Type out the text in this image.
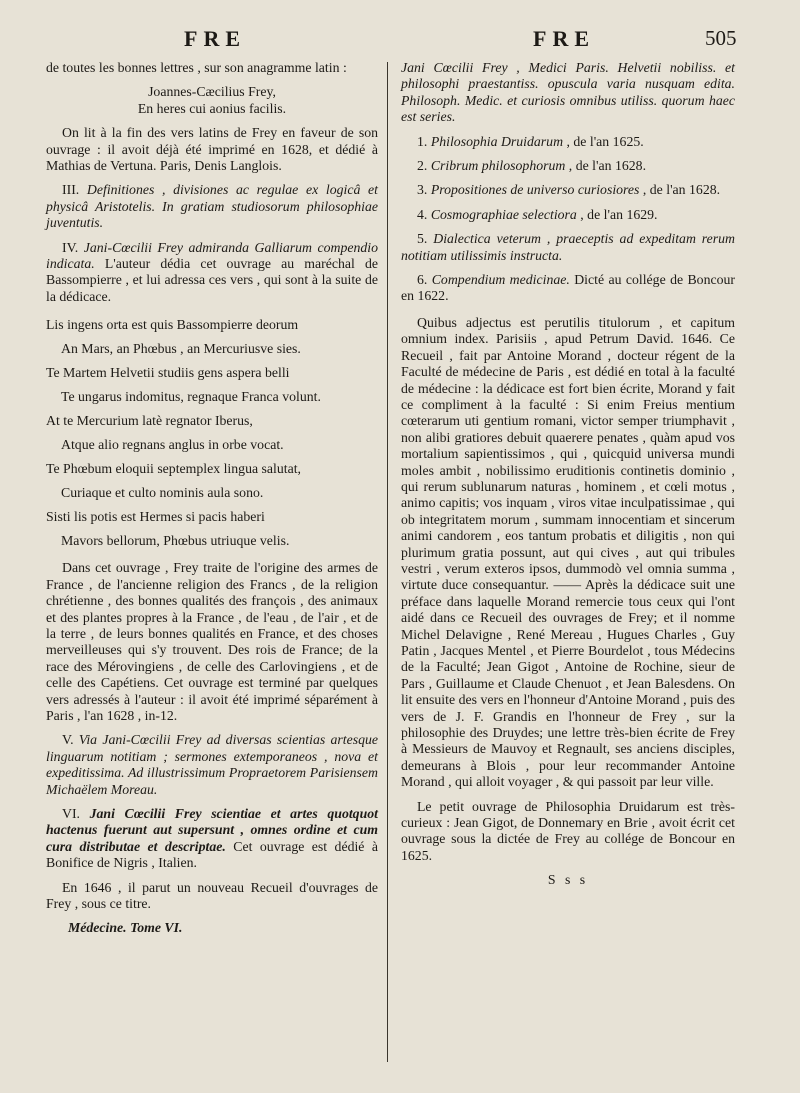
FRE	FRE	505

de toutes les bonnes lettres , sur son anagramme latin :

Joannes-Cæcilius Frey,

En heres cui aonius facilis.

On lit à la fin des vers latins de Frey en faveur de son ouvrage : il avoit déjà été imprimé en 1628, et dédié à Mathias de Vertuna. Paris, Denis Langlois.

III. Definitiones , divisiones ac regulae ex logicâ et physicâ Aristotelis. In gratiam studiosorum philosophiae juventutis.

IV. Jani-Cœcilii Frey admiranda Galliarum compendio indicata. L'auteur dédia cet ouvrage au maréchal de Bassompierre , et lui adressa ces vers , qui sont à la suite de la dédicace.

Lis ingens orta est quis Bassompierre deorum
An Mars, an Phœbus , an Mercuriusve sies.
Te Martem Helvetii studiis gens aspera belli
Te ungarus indomitus, regnaque Franca volunt.
At te Mercurium latè regnator Iberus,
Atque alio regnans anglus in orbe vocat.
Te Phœbum eloquii septemplex lingua salutat,
Curiaque et culto nominis aula sono.
Sisti lis potis est Hermes si pacis haberi
Mavors bellorum, Phœbus utriuque velis.

Dans cet ouvrage , Frey traite de l'origine des armes de France , de l'ancienne religion des Francs , de la religion chrétienne , des bonnes qualités des françois , des animaux et des plantes propres à la France , de l'eau , de l'air , et de la terre , de leurs bonnes qualités en France, et des choses merveilleuses qui s'y trouvent. Des rois de France; de la race des Mérovingiens , de celle des Carlovingiens , et de celle des Capétiens. Cet ouvrage est terminé par quelques vers adressés à l'auteur : il avoit été imprimé séparément à Paris , l'an 1628 , in-12.

V. Via Jani-Cœcilii Frey ad diversas scientias artesque linguarum notitiam ; sermones extemporaneos , nova et expeditissima. Ad illustrissimum Propraetorem Parisiensem Michaëlem Moreau.

VI. Jani Cœcilii Frey scientiae et artes quotquot hactenus fuerunt aut supersunt , omnes ordine et cum cura distributae et descriptae. Cet ouvrage est dédié à Bonifice de Nigris , Italien.

En 1646 , il parut un nouveau Recueil d'ouvrages de Frey , sous ce titre.

Médecine. Tome VI.

Jani Cœcilii Frey , Medici Paris. Helvetii nobiliss. et philosophi praestantiss. opuscula varia nusquam edita. Philosoph. Medic. et curiosis omnibus utiliss. quorum haec est series.

1. Philosophia Druidarum , de l'an 1625.
2. Cribrum philosophorum , de l'an 1628.
3. Propositiones de universo curiosiores , de l'an 1628.
4. Cosmographiae selectiora , de l'an 1629.
5. Dialectica veterum , praeceptis ad expeditam rerum notitiam utilissimis instructa.
6. Compendium medicinae. Dicté au collége de Boncour en 1622.

Quibus adjectus est perutilis titulorum , et capitum omnium index. Parisiis , apud Petrum David. 1646. Ce Recueil , fait par Antoine Morand , docteur régent de la Faculté de médecine de Paris , est dédié en total à la faculté de médecine : la dédicace est fort bien écrite, Morand y fait ce compliment à la faculté : Si enim Freius mentium cœterarum uti gentium romani, victor semper triumphavit , non alibi gratiores debuit quaerere penates , quàm apud vos mortalium sapientissimos , qui , quicquid universa mundi moles ambit , nobilissimo eruditionis continetis dominio , qui rerum sublunarum naturas , hominem , et cœli motus , animo capitis; vos inquam , viros vitae inculpatissimae , qui ob integritatem morum , summam innocentiam et sincerum animi candorem , eos tantum probatis et diligitis , non qui plurimum gratia possunt, aut qui cives , aut qui tribules vestri , verum exteros ipsos, dummodò vel omnia summa , virtute duce consequantur. —— Après la dédicace suit une préface dans laquelle Morand remercie tous ceux qui l'ont aidé dans ce Recueil des ouvrages de Frey; et il nomme Michel Delavigne , René Mereau , Hugues Charles , Guy Patin , Jacques Mentel , et Pierre Bourdelot , tous Médecins de la Faculté; Jean Gigot , Antoine de Rochine, sieur de Pars , Guillaume et Claude Chenuot , et Jean Balesdens. On lit ensuite des vers en l'honneur d'Antoine Morand , puis des vers de J. F. Grandis en l'honneur de Frey , sur la philosophie des Druydes; une lettre très-bien écrite de Frey à Messieurs de Mauvoy et Regnault, ses anciens disciples, demeurans à Blois , pour leur recommander Antoine Morand , qui alloit voyager , & qui passoit par leur ville.

Le petit ouvrage de Philosophia Druidarum est très-curieux : Jean Gigot, de Donnemary en Brie , avoit écrit cet ouvrage sous la dictée de Frey au collége de Boncour en 1625.

S s s
